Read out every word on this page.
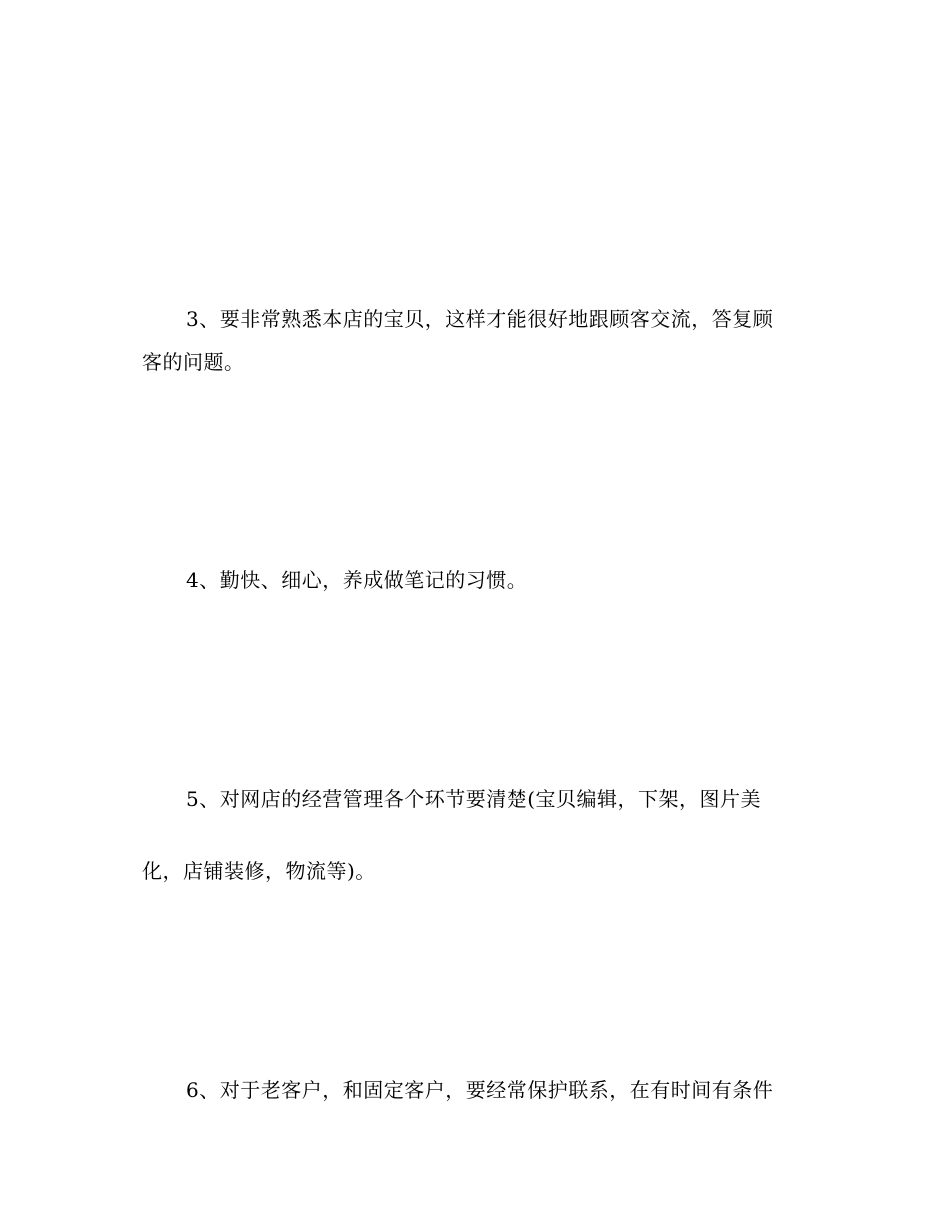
3、要非常熟悉本店的宝贝，这样才能很好地跟顾客交流，答复顾
客的问题。
4、勤快、细心，养成做笔记的习惯。
5、对网店的经营管理各个环节要清楚(宝贝编辑，下架，图片美
化，店铺装修，物流等)。
6、对于老客户，和固定客户，要经常保护联系，在有时间有条件
